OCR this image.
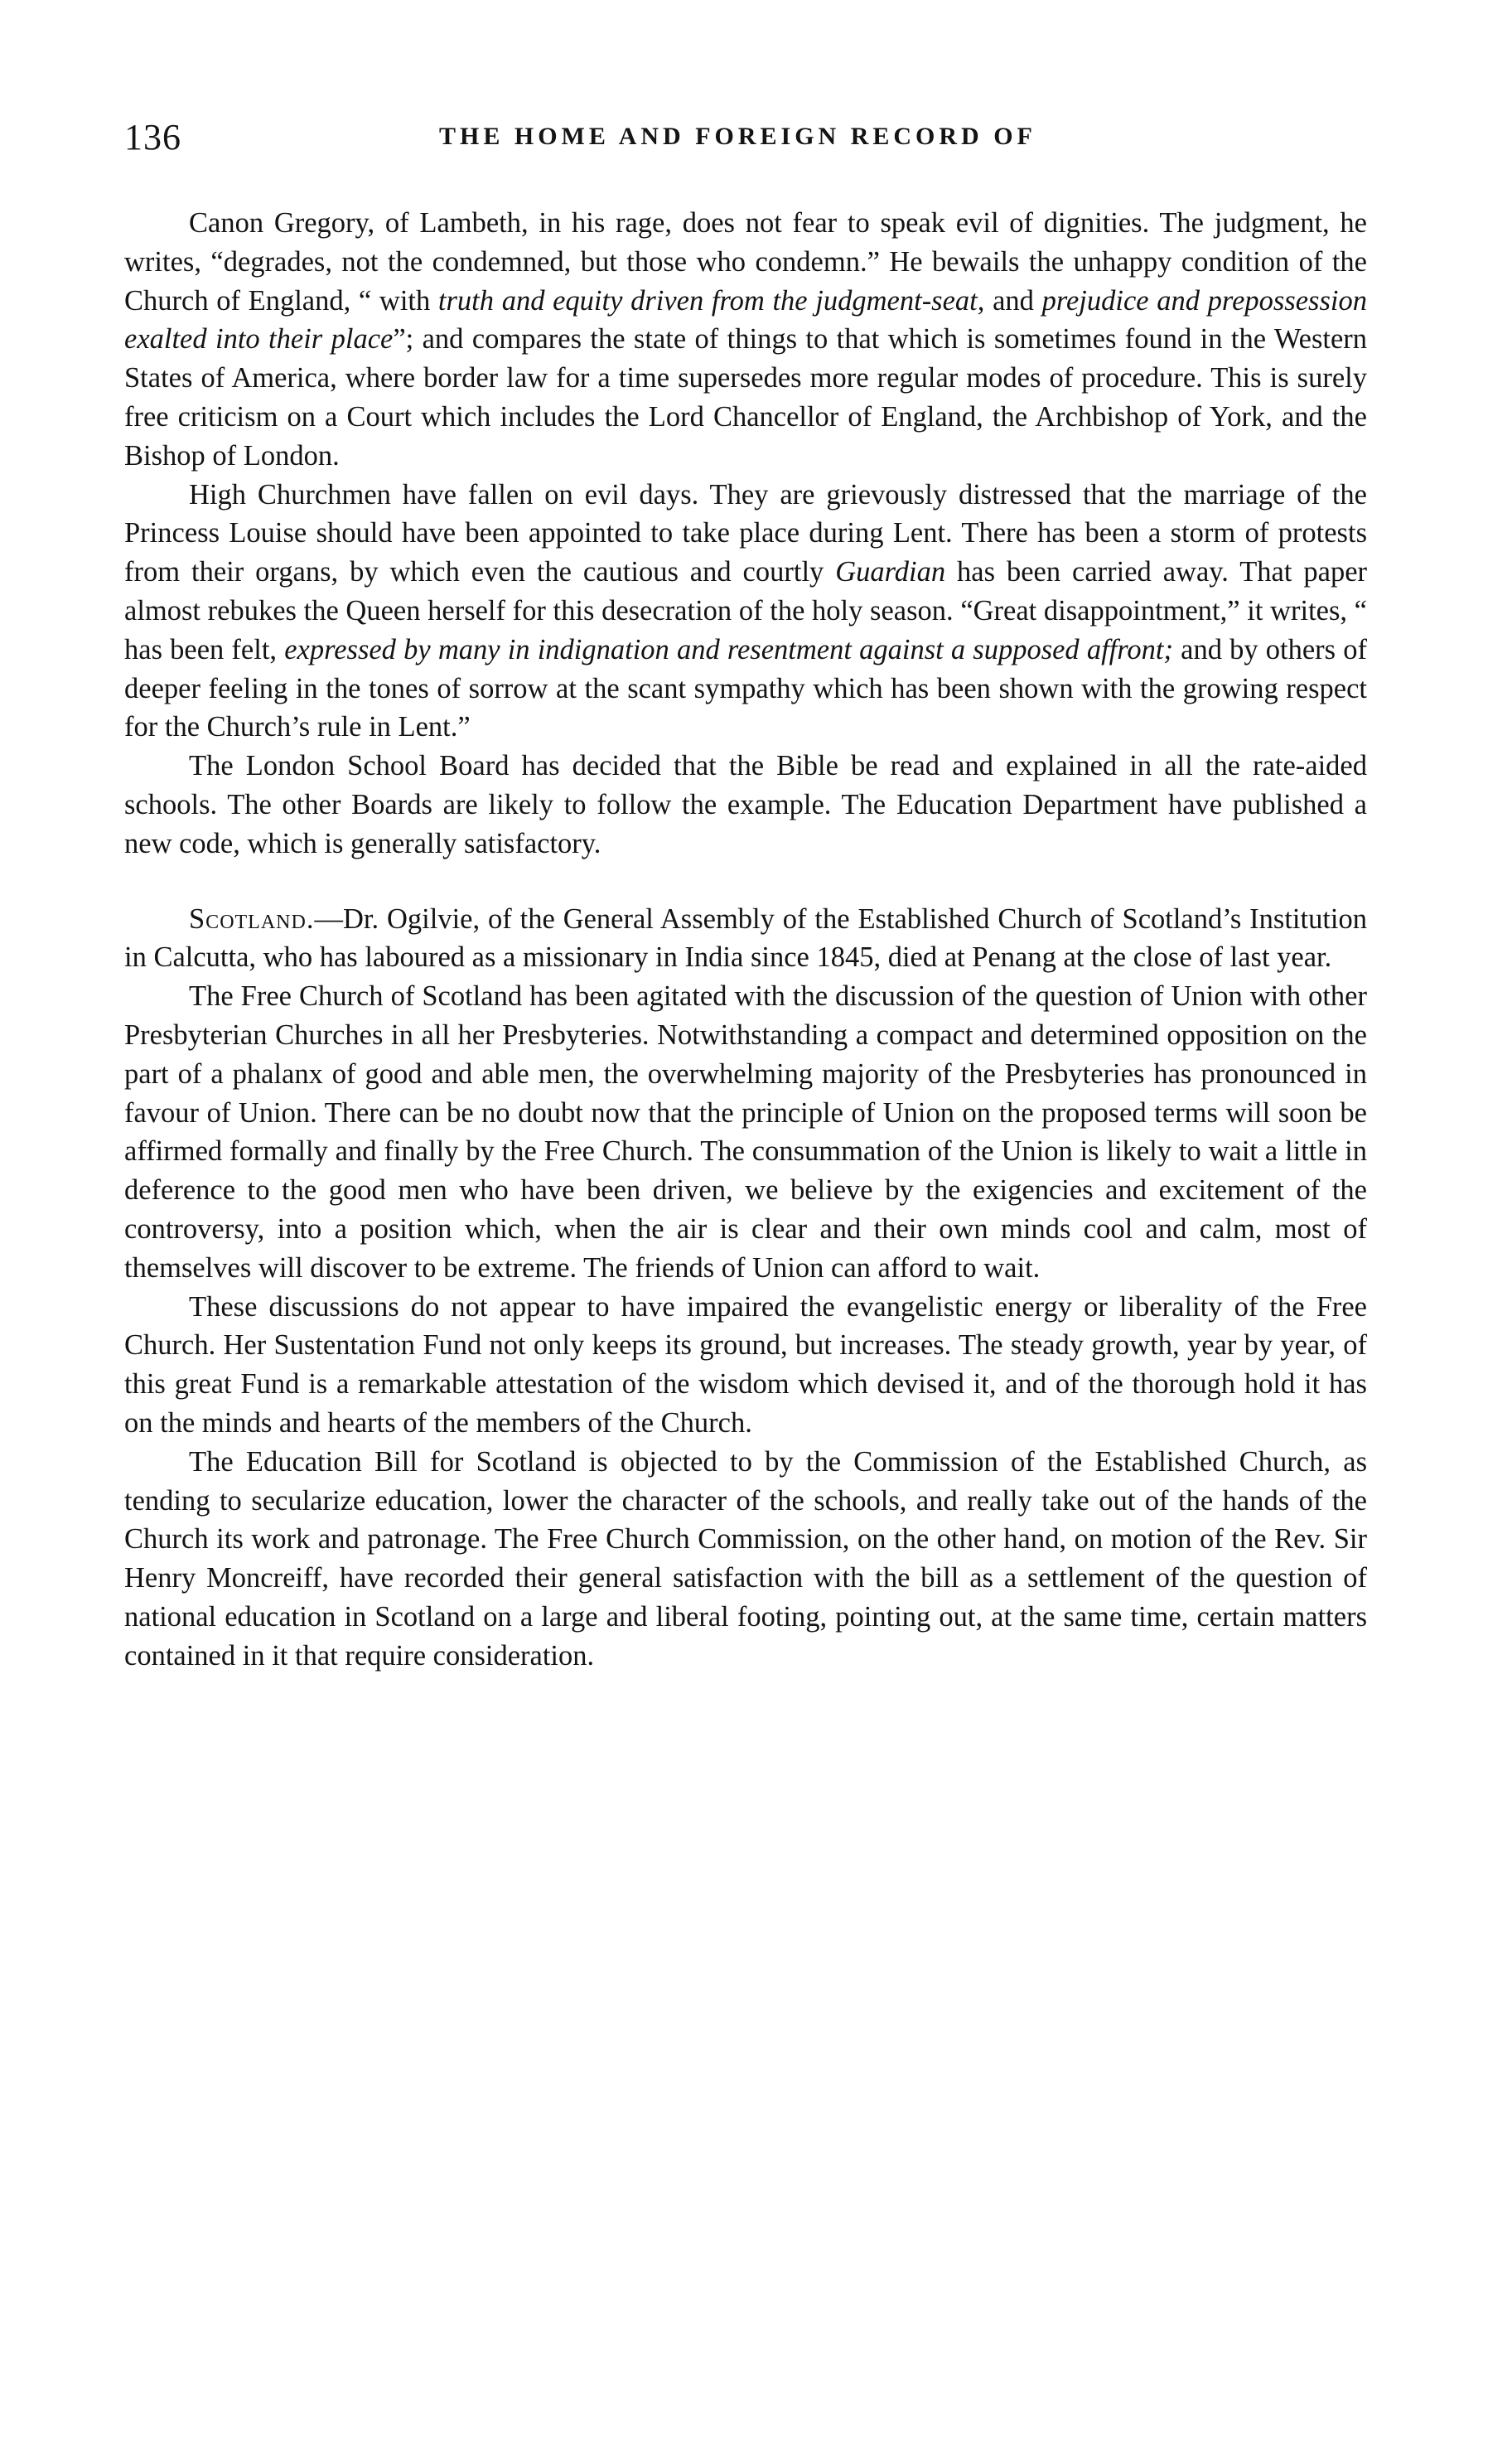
136	THE HOME AND FOREIGN RECORD OF

Canon Gregory, of Lambeth, in his rage, does not fear to speak evil of dignities. The judgment, he writes, “degrades, not the condemned, but those who condemn.” He bewails the unhappy condition of the Church of England, “ with truth and equity driven from the judgment-seat, and prejudice and prepossession exalted into their place”; and compares the state of things to that which is sometimes found in the Western States of America, where border law for a time supersedes more regular modes of procedure. This is surely free criticism on a Court which includes the Lord Chancellor of England, the Archbishop of York, and the Bishop of London.

High Churchmen have fallen on evil days. They are grievously distressed that the marriage of the Princess Louise should have been appointed to take place during Lent. There has been a storm of protests from their organs, by which even the cautious and courtly Guardian has been carried away. That paper almost rebukes the Queen herself for this desecration of the holy season. “Great disappointment,” it writes, “ has been felt, expressed by many in indignation and resentment against a supposed affront; and by others of deeper feeling in the tones of sorrow at the scant sympathy which has been shown with the growing respect for the Church’s rule in Lent.”

The London School Board has decided that the Bible be read and explained in all the rate-aided schools. The other Boards are likely to follow the example. The Education Department have published a new code, which is generally satisfactory.

Scotland.—Dr. Ogilvie, of the General Assembly of the Established Church of Scotland’s Institution in Calcutta, who has laboured as a missionary in India since 1845, died at Penang at the close of last year.

The Free Church of Scotland has been agitated with the discussion of the question of Union with other Presbyterian Churches in all her Presbyteries. Notwithstanding a compact and determined opposition on the part of a phalanx of good and able men, the overwhelming majority of the Presbyteries has pronounced in favour of Union. There can be no doubt now that the principle of Union on the proposed terms will soon be affirmed formally and finally by the Free Church. The consummation of the Union is likely to wait a little in deference to the good men who have been driven, we believe by the exigencies and excitement of the controversy, into a position which, when the air is clear and their own minds cool and calm, most of themselves will discover to be extreme. The friends of Union can afford to wait.

These discussions do not appear to have impaired the evangelistic energy or liberality of the Free Church. Her Sustentation Fund not only keeps its ground, but increases. The steady growth, year by year, of this great Fund is a remarkable attestation of the wisdom which devised it, and of the thorough hold it has on the minds and hearts of the members of the Church.

The Education Bill for Scotland is objected to by the Commission of the Established Church, as tending to secularize education, lower the character of the schools, and really take out of the hands of the Church its work and patronage. The Free Church Commission, on the other hand, on motion of the Rev. Sir Henry Moncreiff, have recorded their general satisfaction with the bill as a settlement of the question of national education in Scotland on a large and liberal footing, pointing out, at the same time, certain matters contained in it that require consideration.
